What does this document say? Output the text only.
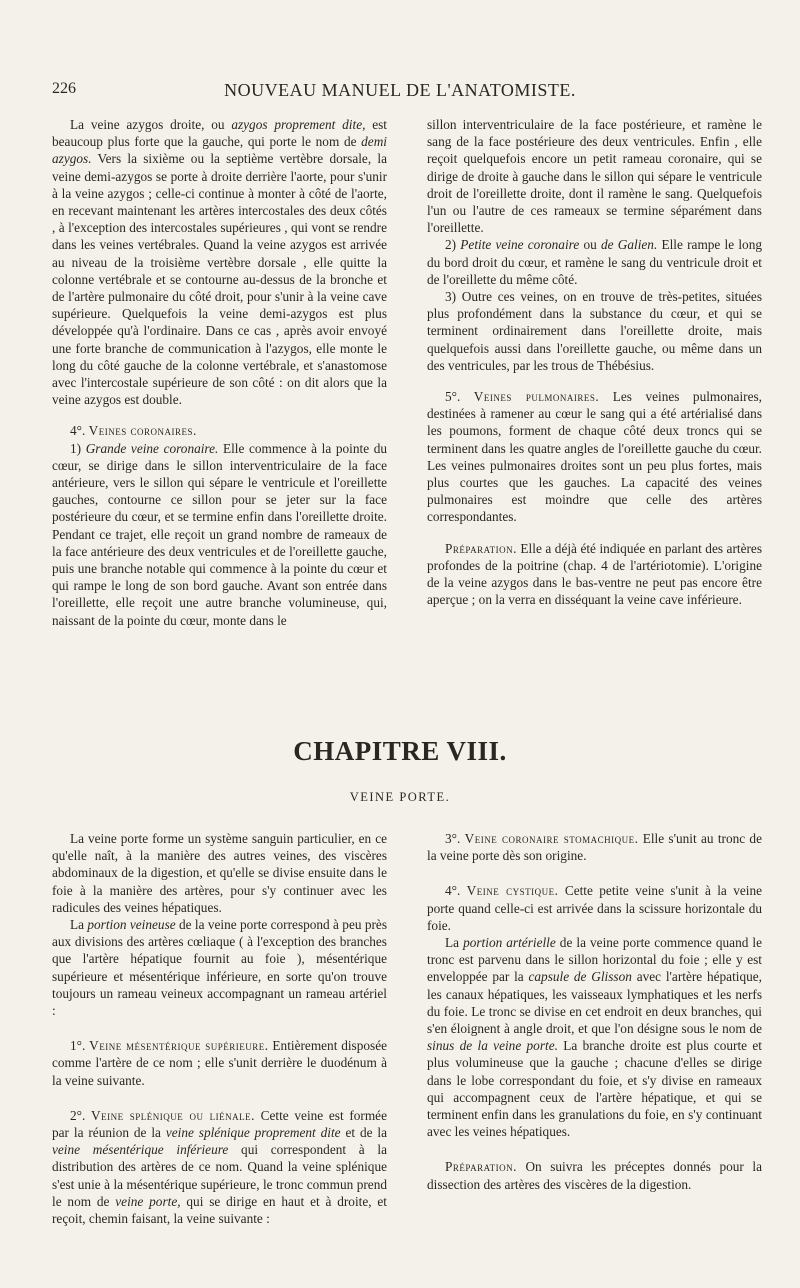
226	NOUVEAU MANUEL DE L'ANATOMISTE.

La veine azygos droite, ou azygos proprement dite, est beaucoup plus forte que la gauche, qui porte le nom de demi azygos. Vers la sixième ou la septième vertèbre dorsale, la veine demi-azygos se porte à droite derrière l'aorte, pour s'unir à la veine azygos ; celle-ci continue à monter à côté de l'aorte, en recevant maintenant les artères intercostales des deux côtés , à l'exception des intercostales supérieures , qui vont se rendre dans les veines vertébrales. Quand la veine azygos est arrivée au niveau de la troisième vertèbre dorsale , elle quitte la colonne vertébrale et se contourne au-dessus de la bronche et de l'artère pulmonaire du côté droit, pour s'unir à la veine cave supérieure. Quelquefois la veine demi-azygos est plus développée qu'à l'ordinaire. Dans ce cas , après avoir envoyé une forte branche de communication à l'azygos, elle monte le long du côté gauche de la colonne vertébrale, et s'anastomose avec l'intercostale supérieure de son côté : on dit alors que la veine azygos est double.

4°. Veines coronaires.

1) Grande veine coronaire. Elle commence à la pointe du cœur, se dirige dans le sillon interventriculaire de la face antérieure, vers le sillon qui sépare le ventricule et l'oreillette gauches, contourne ce sillon pour se jeter sur la face postérieure du cœur, et se termine enfin dans l'oreillette droite. Pendant ce trajet, elle reçoit un grand nombre de rameaux de la face antérieure des deux ventricules et de l'oreillette gauche, puis une branche notable qui commence à la pointe du cœur et qui rampe le long de son bord gauche. Avant son entrée dans l'oreillette, elle reçoit une autre branche volumineuse, qui, naissant de la pointe du cœur, monte dans le

sillon interventriculaire de la face postérieure, et ramène le sang de la face postérieure des deux ventricules. Enfin , elle reçoit quelquefois encore un petit rameau coronaire, qui se dirige de droite à gauche dans le sillon qui sépare le ventricule droit de l'oreillette droite, dont il ramène le sang. Quelquefois l'un ou l'autre de ces rameaux se termine séparément dans l'oreillette.

2) Petite veine coronaire ou de Galien. Elle rampe le long du bord droit du cœur, et ramène le sang du ventricule droit et de l'oreillette du même côté.

3) Outre ces veines, on en trouve de très-petites, situées plus profondément dans la substance du cœur, et qui se terminent ordinairement dans l'oreillette droite, mais quelquefois aussi dans l'oreillette gauche, ou même dans un des ventricules, par les trous de Thébésius.

5°. Veines pulmonaires. Les veines pulmonaires, destinées à ramener au cœur le sang qui a été artérialisé dans les poumons, forment de chaque côté deux troncs qui se terminent dans les quatre angles de l'oreillette gauche du cœur. Les veines pulmonaires droites sont un peu plus fortes, mais plus courtes que les gauches. La capacité des veines pulmonaires est moindre que celle des artères correspondantes.

Préparation. Elle a déjà été indiquée en parlant des artères profondes de la poitrine (chap. 4 de l'artériotomie). L'origine de la veine azygos dans le bas-ventre ne peut pas encore être aperçue ; on la verra en disséquant la veine cave inférieure.

CHAPITRE VIII.
VEINE PORTE.

La veine porte forme un système sanguin particulier, en ce qu'elle naît, à la manière des autres veines, des viscères abdominaux de la digestion, et qu'elle se divise ensuite dans le foie à la manière des artères, pour s'y continuer avec les radicules des veines hépatiques.

La portion veineuse de la veine porte correspond à peu près aux divisions des artères cœliaque ( à l'exception des branches que l'artère hépatique fournit au foie ), mésentérique supérieure et mésentérique inférieure, en sorte qu'on trouve toujours un rameau veineux accompagnant un rameau artériel :

1°. Veine mésentérique supérieure. Entièrement disposée comme l'artère de ce nom ; elle s'unit derrière le duodénum à la veine suivante.

2°. Veine splénique ou liénale. Cette veine est formée par la réunion de la veine splénique proprement dite et de la veine mésentérique inférieure qui correspondent à la distribution des artères de ce nom. Quand la veine splénique s'est unie à la mésentérique supérieure, le tronc commun prend le nom de veine porte, qui se dirige en haut et à droite, et reçoit, chemin faisant, la veine suivante :

3°. Veine coronaire stomachique. Elle s'unit au tronc de la veine porte dès son origine.

4°. Veine cystique. Cette petite veine s'unit à la veine porte quand celle-ci est arrivée dans la scissure horizontale du foie.

La portion artérielle de la veine porte commence quand le tronc est parvenu dans le sillon horizontal du foie ; elle y est enveloppée par la capsule de Glisson avec l'artère hépatique, les canaux hépatiques, les vaisseaux lymphatiques et les nerfs du foie. Le tronc se divise en cet endroit en deux branches, qui s'en éloignent à angle droit, et que l'on désigne sous le nom de sinus de la veine porte. La branche droite est plus courte et plus volumineuse que la gauche ; chacune d'elles se dirige dans le lobe correspondant du foie, et s'y divise en rameaux qui accompagnent ceux de l'artère hépatique, et qui se terminent enfin dans les granulations du foie, en s'y continuant avec les veines hépatiques.

Préparation. On suivra les préceptes donnés pour la dissection des artères des viscères de la digestion.
